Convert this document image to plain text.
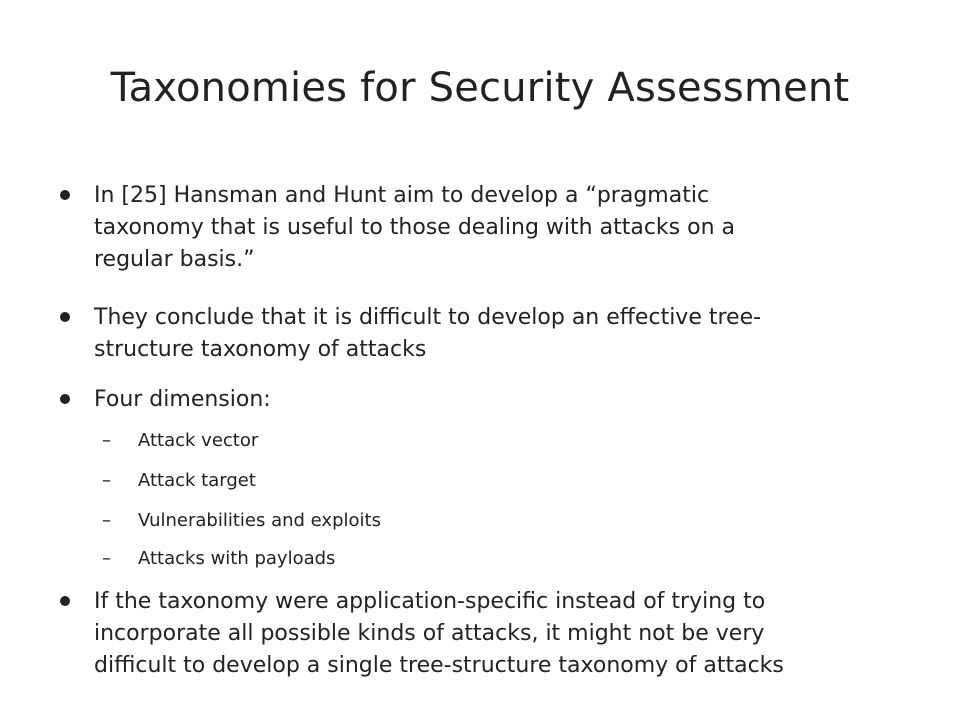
Taxonomies for Security Assessment
In [25] Hansman and Hunt aim to develop a “pragmatic
taxonomy that is useful to those dealing with attacks on a
regular basis.”
They conclude that it is difficult to develop an effective tree-
structure taxonomy of attacks
Four dimension:
– Attack vector
– Attack target
– Vulnerabilities and exploits
– Attacks with payloads
If the taxonomy were application-specific instead of trying to
incorporate all possible kinds of attacks, it might not be very
difficult to develop a single tree-structure taxonomy of attacks
